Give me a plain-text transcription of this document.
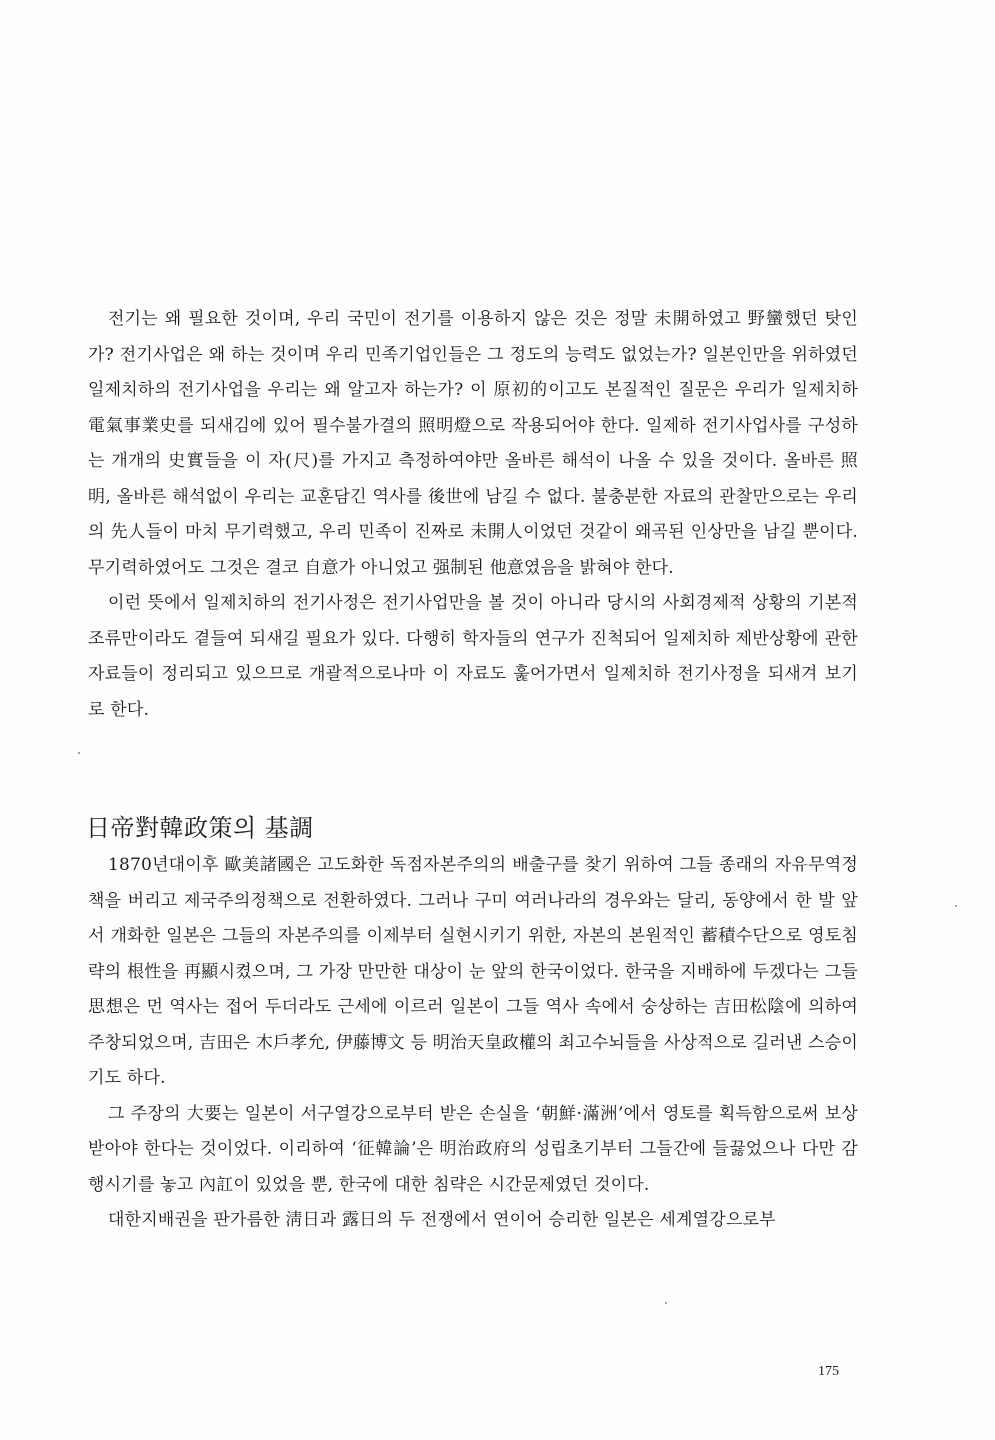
전기는 왜 필요한 것이며, 우리 국민이 전기를 이용하지 않은 것은 정말 未開하였고 野蠻했던 탓인가? 전기사업은 왜 하는 것이며 우리 민족기업인들은 그 정도의 능력도 없었는가? 일본인만을 위하였던 일제치하의 전기사업을 우리는 왜 알고자 하는가? 이 原初的이고도 본질적인 질문은 우리가 일제치하 電氣事業史를 되새김에 있어 필수불가결의 照明燈으로 작용되어야 한다. 일제하 전기사업사를 구성하는 개개의 史實들을 이 자(尺)를 가지고 측정하여야만 올바른 해석이 나올 수 있을 것이다. 올바른 照明, 올바른 해석없이 우리는 교훈담긴 역사를 後世에 남길 수 없다. 불충분한 자료의 관찰만으로는 우리의 先人들이 마치 무기력했고, 우리 민족이 진짜로 未開人이었던 것같이 왜곡된 인상만을 남길 뿐이다. 무기력하였어도 그것은 결코 自意가 아니었고 强制된 他意였음을 밝혀야 한다.

이런 뜻에서 일제치하의 전기사정은 전기사업만을 볼 것이 아니라 당시의 사회경제적 상황의 기본적 조류만이라도 곁들여 되새길 필요가 있다. 다행히 학자들의 연구가 진척되어 일제치하 제반상황에 관한 자료들이 정리되고 있으므로 개괄적으로나마 이 자료도 훑어가면서 일제치하 전기사정을 되새겨 보기로 한다.

日帝對韓政策의 基調

1870년대이후 歐美諸國은 고도화한 독점자본주의의 배출구를 찾기 위하여 그들 종래의 자유무역정책을 버리고 제국주의정책으로 전환하였다. 그러나 구미 여러나라의 경우와는 달리, 동양에서 한 발 앞서 개화한 일본은 그들의 자본주의를 이제부터 실현시키기 위한, 자본의 본원적인 蓄積수단으로 영토침략의 根性을 再顯시켰으며, 그 가장 만만한 대상이 눈 앞의 한국이었다. 한국을 지배하에 두겠다는 그들 思想은 먼 역사는 접어 두더라도 근세에 이르러 일본이 그들 역사 속에서 숭상하는 吉田松陰에 의하여 주창되었으며, 吉田은 木戶孝允, 伊藤博文 등 明治天皇政權의 최고수뇌들을 사상적으로 길러낸 스승이기도 하다.

그 주장의 大要는 일본이 서구열강으로부터 받은 손실을 ‘朝鮮·滿洲’에서 영토를 획득함으로써 보상받아야 한다는 것이었다. 이리하여 ‘征韓論’은 明治政府의 성립초기부터 그들간에 들끓었으나 다만 감행시기를 놓고 內訌이 있었을 뿐, 한국에 대한 침략은 시간문제였던 것이다.

대한지배권을 판가름한 淸日과 露日의 두 전쟁에서 연이어 승리한 일본은 세계열강으로부

175
